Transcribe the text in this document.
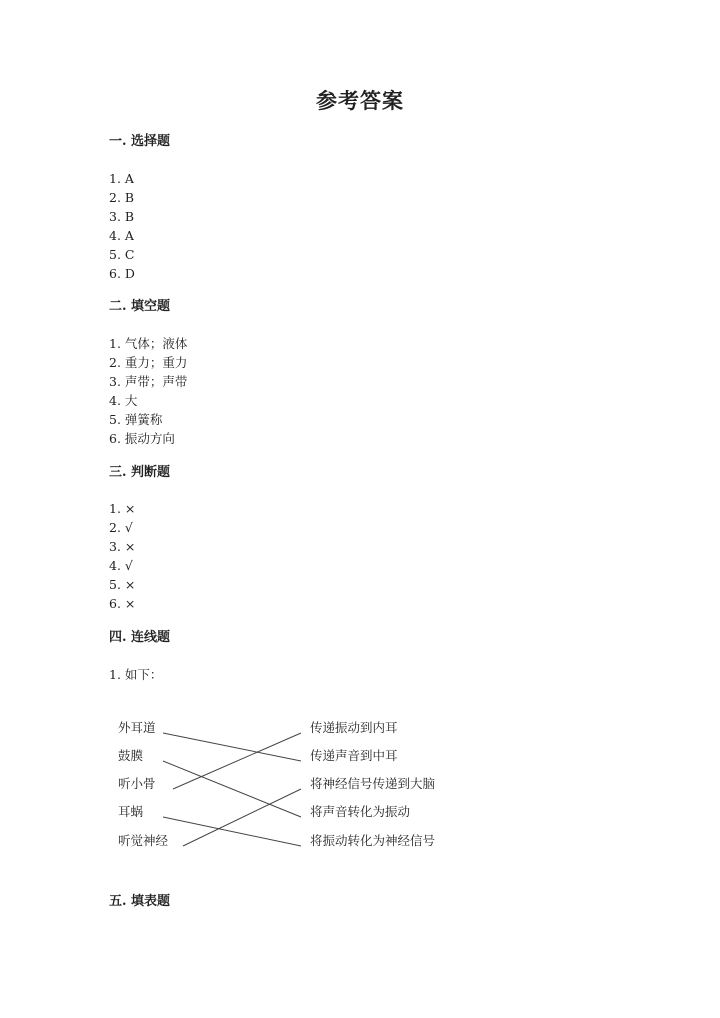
参考答案
一. 选择题
1. A
2. B
3. B
4. A
5. C
6. D
二. 填空题
1. 气体；液体
2. 重力；重力
3. 声带；声带
4. 大
5. 弹簧称
6. 振动方向
三. 判断题
1. ×
2. √
3. ×
4. √
5. ×
6. ×
四. 连线题
1. 如下：
外耳道
鼓膜
听小骨
耳蜗
听觉神经
传递振动到内耳
传递声音到中耳
将神经信号传递到大脑
将声音转化为振动
将振动转化为神经信号
五. 填表题
